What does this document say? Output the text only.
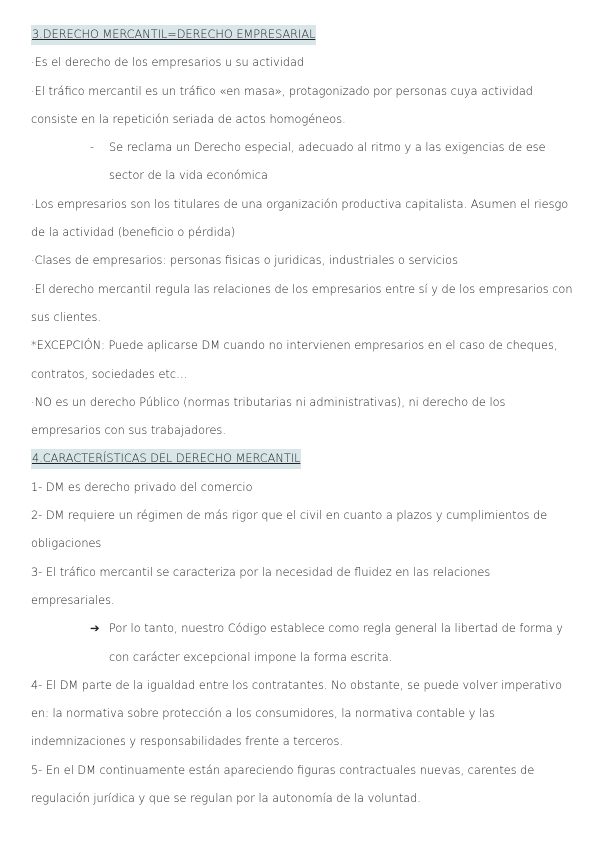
3.DERECHO MERCANTIL=DERECHO EMPRESARIAL

·Es el derecho de los empresarios u su actividad

·El tráfico mercantil es un tráfico «en masa», protagonizado por personas cuya actividad consiste en la repetición seriada de actos homogéneos.

- Se reclama un Derecho especial, adecuado al ritmo y a las exigencias de ese sector de la vida económica

·Los empresarios son los titulares de una organización productiva capitalista. Asumen el riesgo de la actividad (beneficio o pérdida)

·Clases de empresarios: personas fisicas o juridicas, industriales o servicios

·El derecho mercantil regula las relaciones de los empresarios entre sí y de los empresarios con sus clientes.

*EXCEPCIÓN: Puede aplicarse DM cuando no intervienen empresarios en el caso de cheques, contratos, sociedades etc…

·NO es un derecho Público (normas tributarias ni administrativas), ni derecho de los empresarios con sus trabajadores.

4.CARACTERÍSTICAS DEL DERECHO MERCANTIL

1- DM es derecho privado del comercio

2- DM requiere un régimen de más rigor que el civil en cuanto a plazos y cumplimientos de obligaciones

3- El tráfico mercantil se caracteriza por la necesidad de fluidez en las relaciones empresariales.

➔ Por lo tanto, nuestro Código establece como regla general la libertad de forma y con carácter excepcional impone la forma escrita.

4- El DM parte de la igualdad entre los contratantes. No obstante, se puede volver imperativo en: la normativa sobre protección a los consumidores, la normativa contable y las indemnizaciones y responsabilidades frente a terceros.

5- En el DM continuamente están apareciendo figuras contractuales nuevas, carentes de regulación jurídica y que se regulan por la autonomía de la voluntad.
